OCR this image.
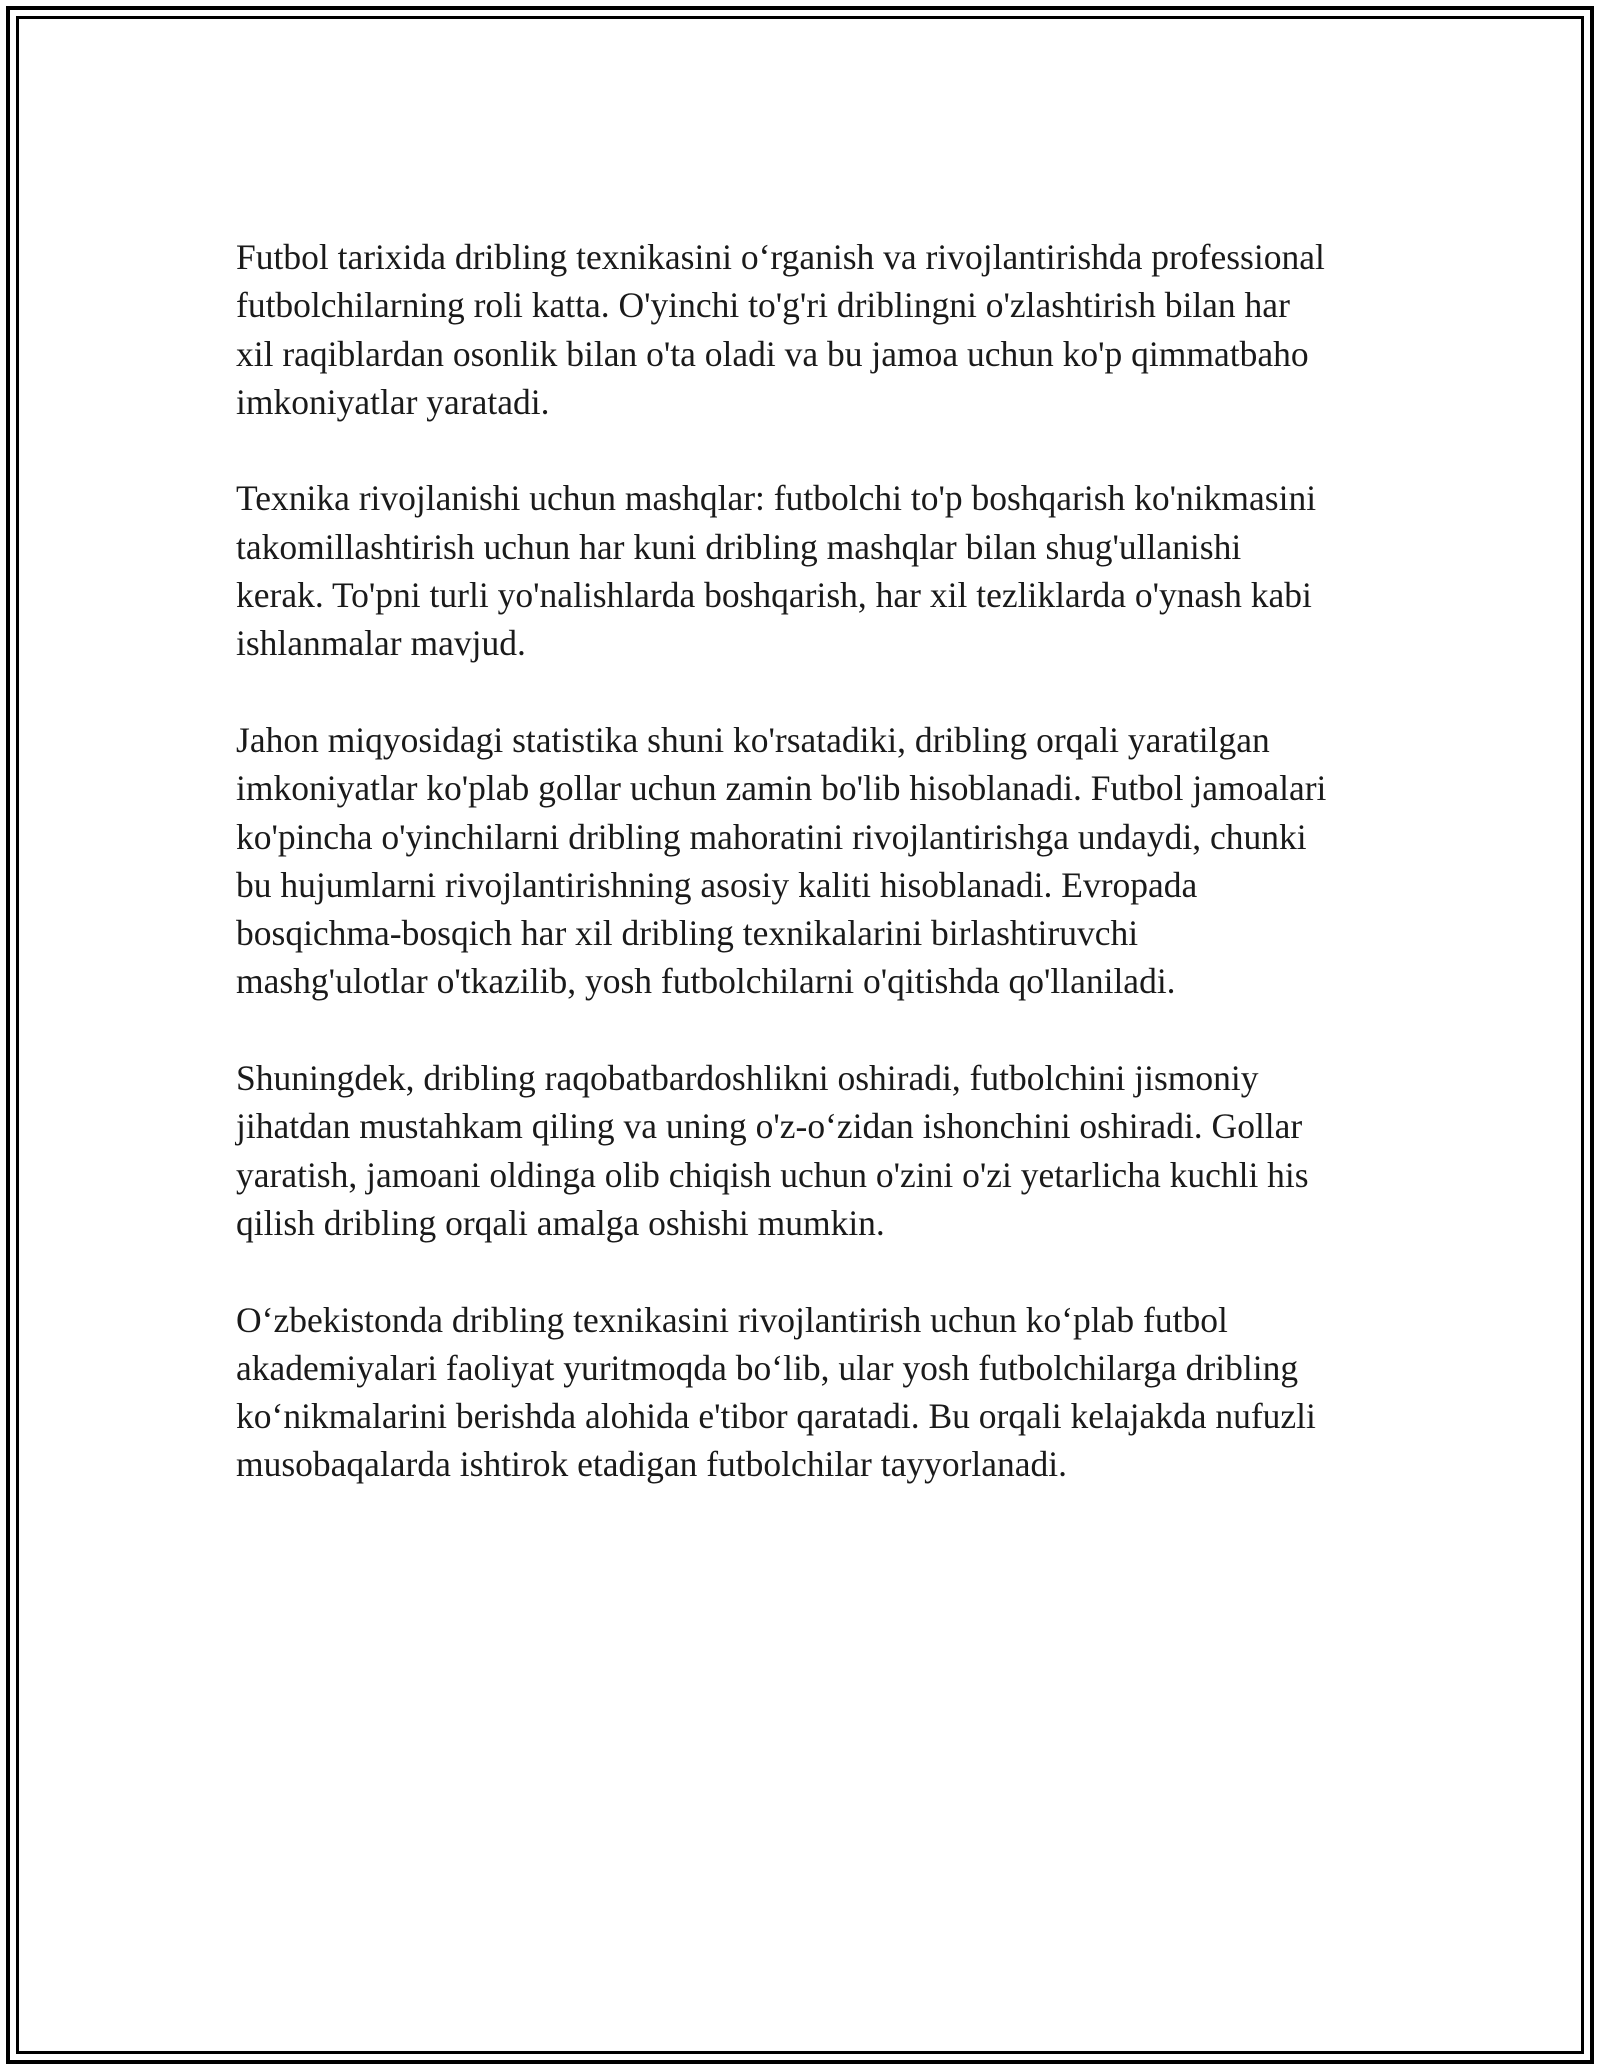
Futbol tarixida dribling texnikasini o‘rganish va rivojlantirishda professional
futbolchilarning roli katta. O'yinchi to'g'ri driblingni o'zlashtirish bilan har
xil raqiblardan osonlik bilan o'ta oladi va bu jamoa uchun ko'p qimmatbaho
imkoniyatlar yaratadi.

Texnika rivojlanishi uchun mashqlar: futbolchi to'p boshqarish ko'nikmasini
takomillashtirish uchun har kuni dribling mashqlar bilan shug'ullanishi
kerak. To'pni turli yo'nalishlarda boshqarish, har xil tezliklarda o'ynash kabi
ishlanmalar mavjud.

Jahon miqyosidagi statistika shuni ko'rsatadiki, dribling orqali yaratilgan
imkoniyatlar ko'plab gollar uchun zamin bo'lib hisoblanadi. Futbol jamoalari
ko'pincha o'yinchilarni dribling mahoratini rivojlantirishga undaydi, chunki
bu hujumlarni rivojlantirishning asosiy kaliti hisoblanadi. Evropada
bosqichma-bosqich har xil dribling texnikalarini birlashtiruvchi
mashg'ulotlar o'tkazilib, yosh futbolchilarni o'qitishda qo'llaniladi.

Shuningdek, dribling raqobatbardoshlikni oshiradi, futbolchini jismoniy
jihatdan mustahkam qiling va uning o'z-o‘zidan ishonchini oshiradi. Gollar
yaratish, jamoani oldinga olib chiqish uchun o'zini o'zi yetarlicha kuchli his
qilish dribling orqali amalga oshishi mumkin.

O‘zbekistonda dribling texnikasini rivojlantirish uchun ko‘plab futbol
akademiyalari faoliyat yuritmoqda bo‘lib, ular yosh futbolchilarga dribling
ko‘nikmalarini berishda alohida e'tibor qaratadi. Bu orqali kelajakda nufuzli
musobaqalarda ishtirok etadigan futbolchilar tayyorlanadi.
